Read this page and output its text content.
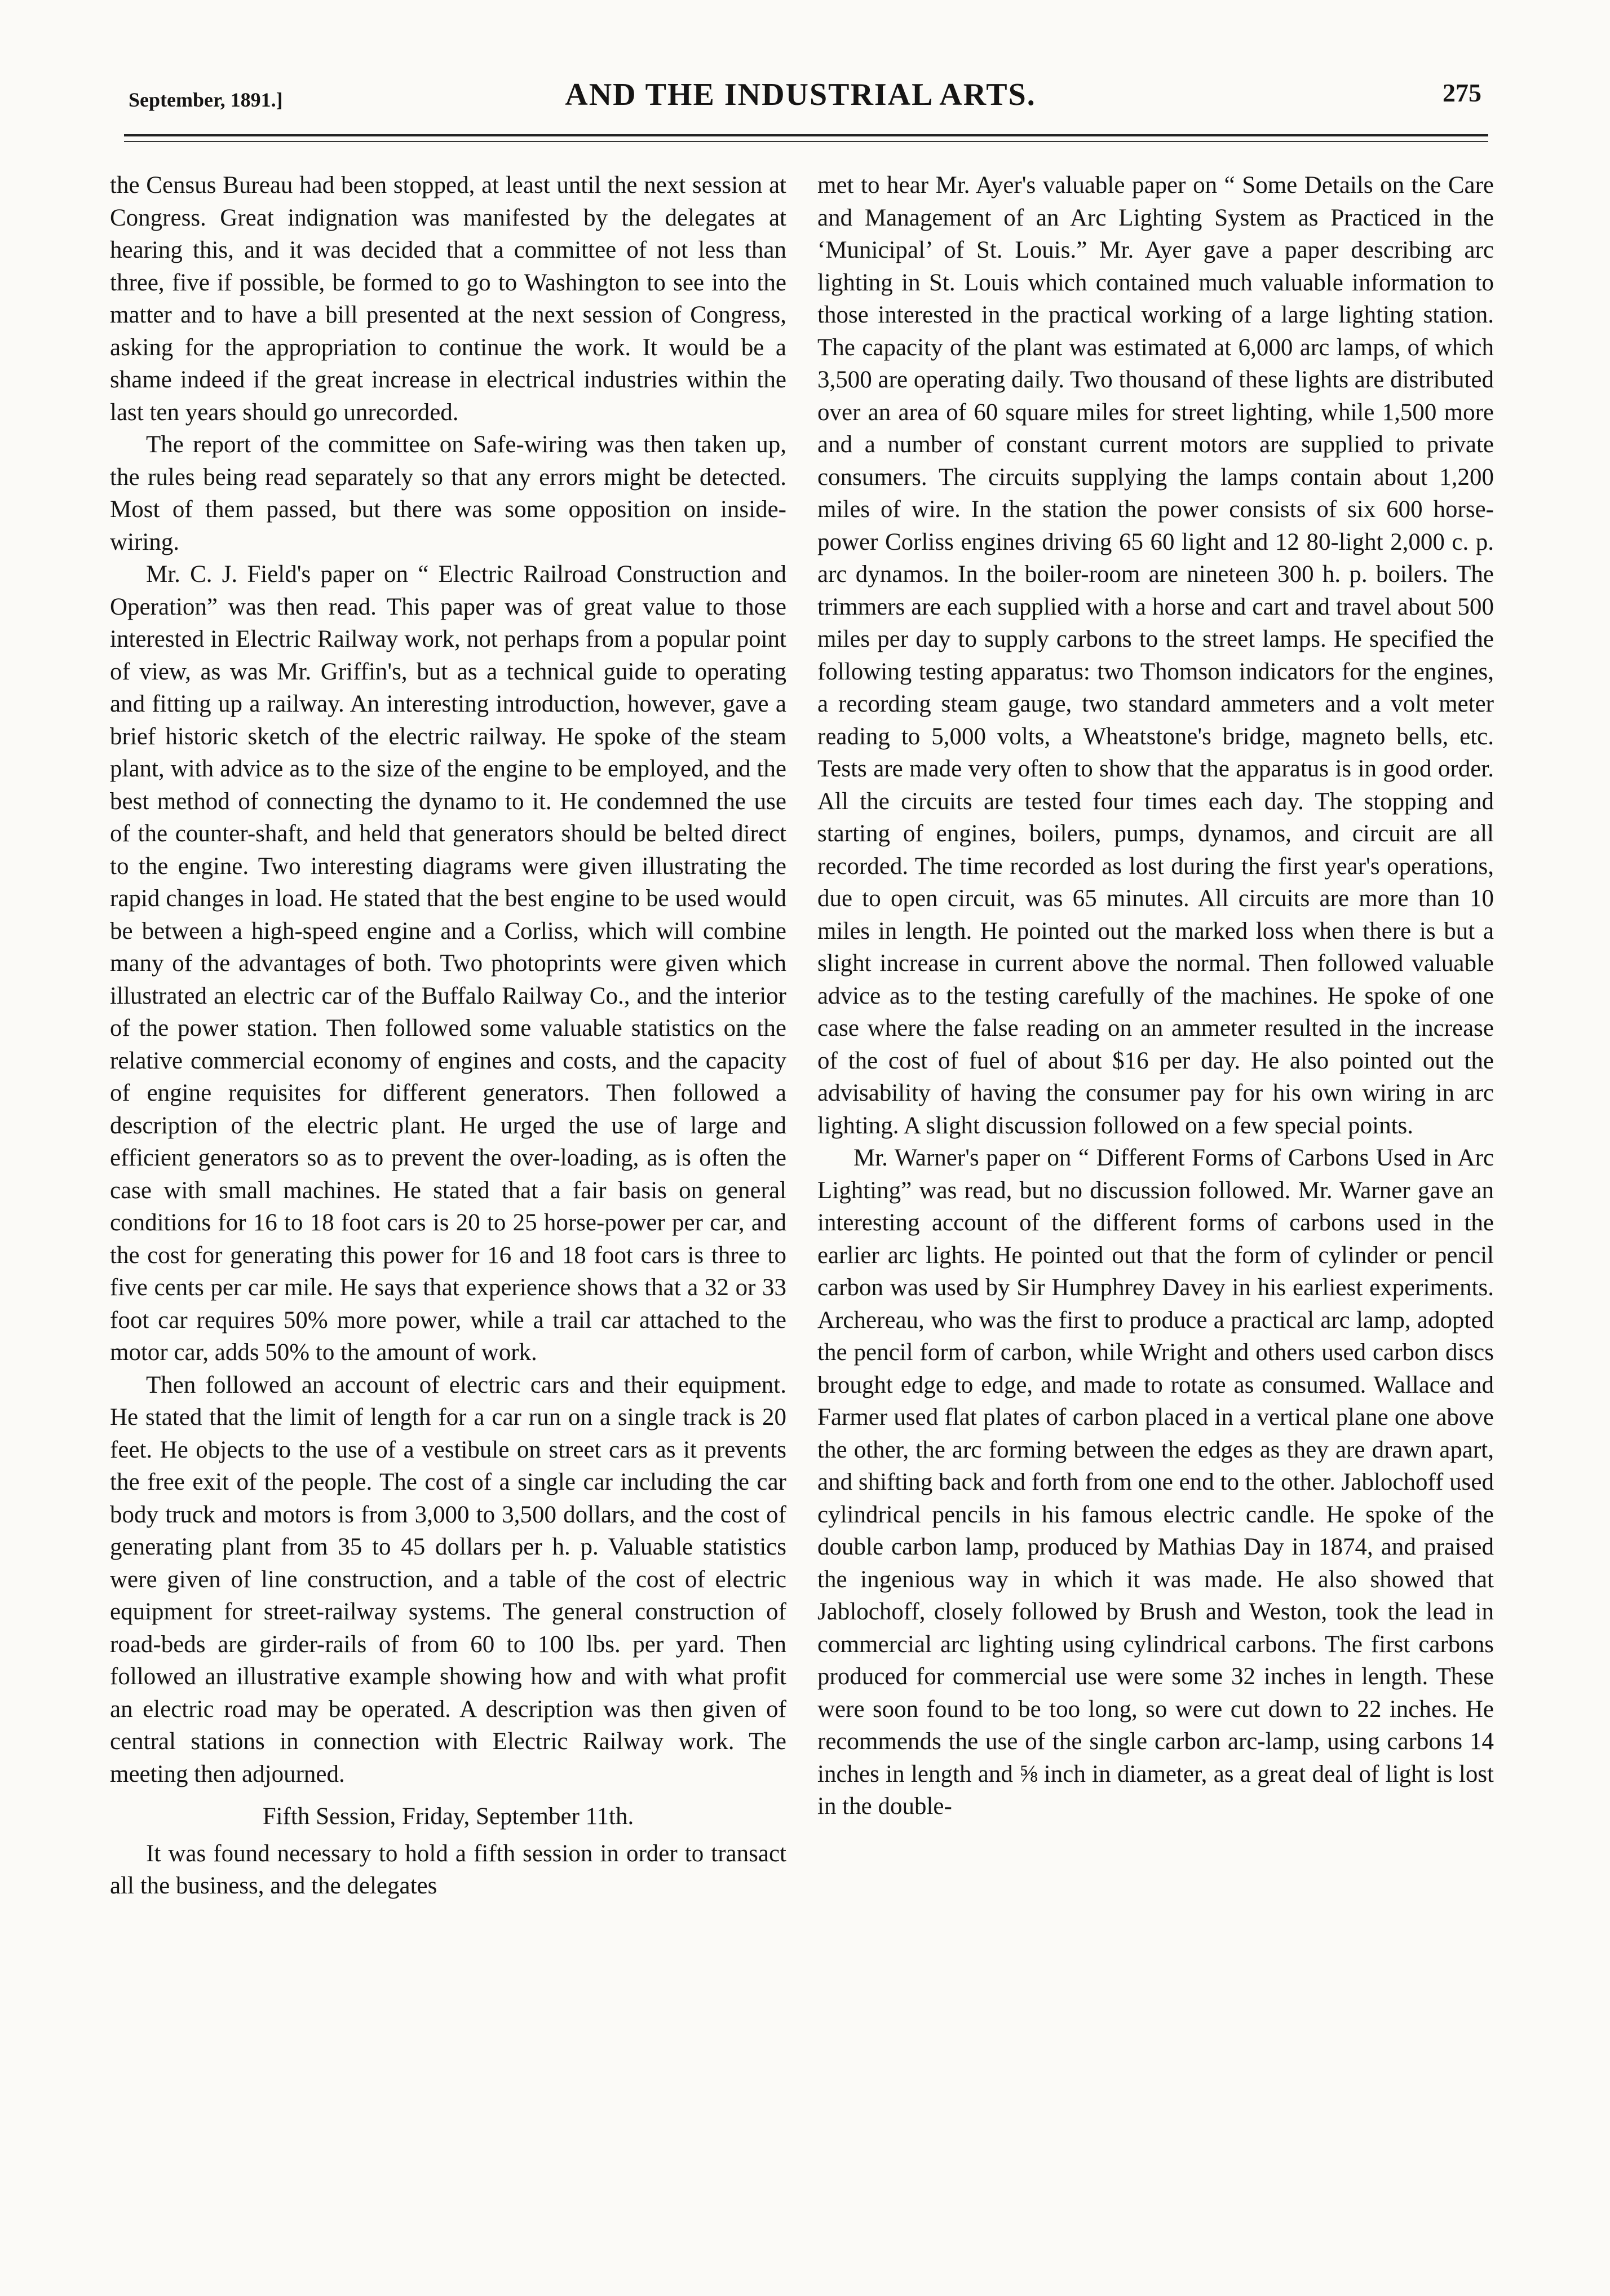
September, 1891.]	AND THE INDUSTRIAL ARTS.	275

the Census Bureau had been stopped, at least until the next session at Congress. Great indignation was manifested by the delegates at hearing this, and it was decided that a committee of not less than three, five if possible, be formed to go to Washington to see into the matter and to have a bill presented at the next session of Congress, asking for the appropriation to continue the work. It would be a shame indeed if the great increase in electrical industries within the last ten years should go unrecorded.

The report of the committee on Safe-wiring was then taken up, the rules being read separately so that any errors might be detected. Most of them passed, but there was some opposition on inside-wiring.

Mr. C. J. Field's paper on “ Electric Railroad Construction and Operation” was then read. This paper was of great value to those interested in Electric Railway work, not perhaps from a popular point of view, as was Mr. Griffin's, but as a technical guide to operating and fitting up a railway. An interesting introduction, however, gave a brief historic sketch of the electric railway. He spoke of the steam plant, with advice as to the size of the engine to be employed, and the best method of connecting the dynamo to it. He condemned the use of the counter-shaft, and held that generators should be belted direct to the engine. Two interesting diagrams were given illustrating the rapid changes in load. He stated that the best engine to be used would be between a high-speed engine and a Corliss, which will combine many of the advantages of both. Two photoprints were given which illustrated an electric car of the Buffalo Railway Co., and the interior of the power station. Then followed some valuable statistics on the relative commercial economy of engines and costs, and the capacity of engine requisites for different generators. Then followed a description of the electric plant. He urged the use of large and efficient generators so as to prevent the over-loading, as is often the case with small machines. He stated that a fair basis on general conditions for 16 to 18 foot cars is 20 to 25 horse-power per car, and the cost for generating this power for 16 and 18 foot cars is three to five cents per car mile. He says that experience shows that a 32 or 33 foot car requires 50% more power, while a trail car attached to the motor car, adds 50% to the amount of work.

Then followed an account of electric cars and their equipment. He stated that the limit of length for a car run on a single track is 20 feet. He objects to the use of a vestibule on street cars as it prevents the free exit of the people. The cost of a single car including the car body truck and motors is from 3,000 to 3,500 dollars, and the cost of generating plant from 35 to 45 dollars per h. p. Valuable statistics were given of line construction, and a table of the cost of electric equipment for street-railway systems. The general construction of road-beds are girder-rails of from 60 to 100 lbs. per yard. Then followed an illustrative example showing how and with what profit an electric road may be operated. A description was then given of central stations in connection with Electric Railway work. The meeting then adjourned.

Fifth Session, Friday, September 11th.

It was found necessary to hold a fifth session in order to transact all the business, and the delegates

met to hear Mr. Ayer's valuable paper on “ Some Details on the Care and Management of an Arc Lighting System as Practiced in the ‘Municipal’ of St. Louis.” Mr. Ayer gave a paper describing arc lighting in St. Louis which contained much valuable information to those interested in the practical working of a large lighting station. The capacity of the plant was estimated at 6,000 arc lamps, of which 3,500 are operating daily. Two thousand of these lights are distributed over an area of 60 square miles for street lighting, while 1,500 more and a number of constant current motors are supplied to private consumers. The circuits supplying the lamps contain about 1,200 miles of wire. In the station the power consists of six 600 horse-power Corliss engines driving 65 60 light and 12 80-light 2,000 c. p. arc dynamos. In the boiler-room are nineteen 300 h. p. boilers. The trimmers are each supplied with a horse and cart and travel about 500 miles per day to supply carbons to the street lamps. He specified the following testing apparatus: two Thomson indicators for the engines, a recording steam gauge, two standard ammeters and a volt meter reading to 5,000 volts, a Wheatstone's bridge, magneto bells, etc. Tests are made very often to show that the apparatus is in good order. All the circuits are tested four times each day. The stopping and starting of engines, boilers, pumps, dynamos, and circuit are all recorded. The time recorded as lost during the first year's operations, due to open circuit, was 65 minutes. All circuits are more than 10 miles in length. He pointed out the marked loss when there is but a slight increase in current above the normal. Then followed valuable advice as to the testing carefully of the machines. He spoke of one case where the false reading on an ammeter resulted in the increase of the cost of fuel of about $16 per day. He also pointed out the advisability of having the consumer pay for his own wiring in arc lighting. A slight discussion followed on a few special points.

Mr. Warner's paper on “ Different Forms of Carbons Used in Arc Lighting” was read, but no discussion followed. Mr. Warner gave an interesting account of the different forms of carbons used in the earlier arc lights. He pointed out that the form of cylinder or pencil carbon was used by Sir Humphrey Davey in his earliest experiments. Archereau, who was the first to produce a practical arc lamp, adopted the pencil form of carbon, while Wright and others used carbon discs brought edge to edge, and made to rotate as consumed. Wallace and Farmer used flat plates of carbon placed in a vertical plane one above the other, the arc forming between the edges as they are drawn apart, and shifting back and forth from one end to the other. Jablochoff used cylindrical pencils in his famous electric candle. He spoke of the double carbon lamp, produced by Mathias Day in 1874, and praised the ingenious way in which it was made. He also showed that Jablochoff, closely followed by Brush and Weston, took the lead in commercial arc lighting using cylindrical carbons. The first carbons produced for commercial use were some 32 inches in length. These were soon found to be too long, so were cut down to 22 inches. He recommends the use of the single carbon arc-lamp, using carbons 14 inches in length and ⅝ inch in diameter, as a great deal of light is lost in the double-
